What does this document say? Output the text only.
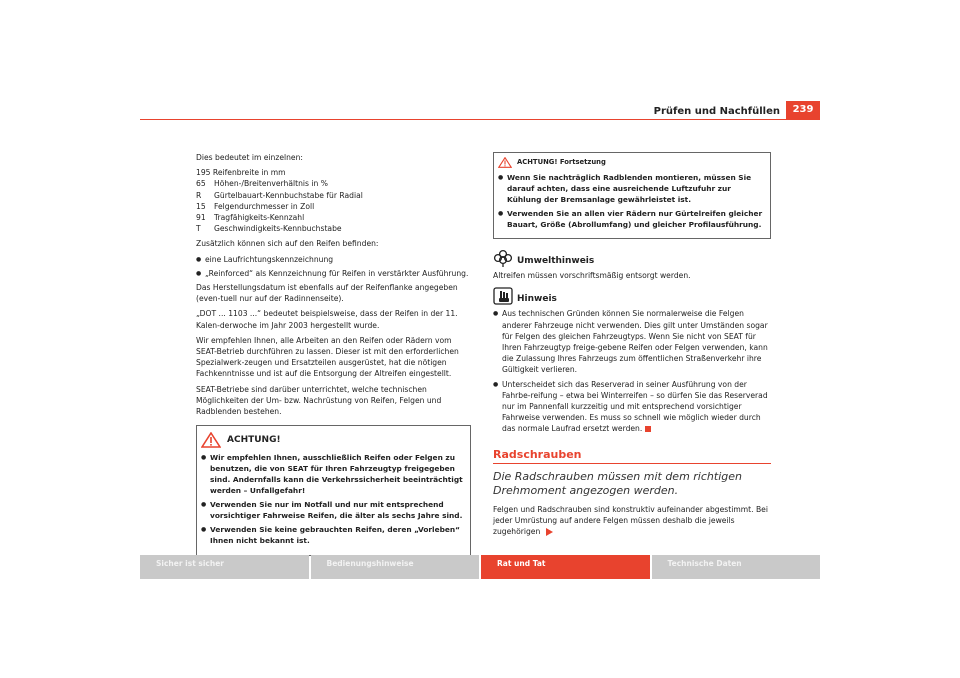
Prüfen und Nachfüllen	239

Dies bedeutet im einzelnen:

195 Reifenbreite in mm
65	Höhen-/Breitenverhältnis in %
R	Gürtelbauart-Kennbuchstabe für Radial
15	Felgendurchmesser in Zoll
91	Tragfähigkeits-Kennzahl
T	Geschwindigkeits-Kennbuchstabe

Zusätzlich können sich auf den Reifen befinden:

● eine Laufrichtungskennzeichnung
● „Reinforced“ als Kennzeichnung für Reifen in verstärkter Ausführung.

Das Herstellungsdatum ist ebenfalls auf der Reifenflanke angegeben (even-tuell nur auf der Radinnenseite).

„DOT ... 1103 ...“ bedeutet beispielsweise, dass der Reifen in der 11. Kalen-derwoche im Jahr 2003 hergestellt wurde.

Wir empfehlen Ihnen, alle Arbeiten an den Reifen oder Rädern vom SEAT-Betrieb durchführen zu lassen. Dieser ist mit den erforderlichen Spezialwerk-zeugen und Ersatzteilen ausgerüstet, hat die nötigen Fachkenntnisse und ist auf die Entsorgung der Altreifen eingestellt.

SEAT-Betriebe sind darüber unterrichtet, welche technischen Möglichkeiten der Um- bzw. Nachrüstung von Reifen, Felgen und Radblenden bestehen.

ACHTUNG!
● Wir empfehlen Ihnen, ausschließlich Reifen oder Felgen zu benutzen, die von SEAT für Ihren Fahrzeugtyp freigegeben sind. Andernfalls kann die Verkehrssicherheit beeinträchtigt werden – Unfallgefahr!
● Verwenden Sie nur im Notfall und nur mit entsprechend vorsichtiger Fahrweise Reifen, die älter als sechs Jahre sind.
● Verwenden Sie keine gebrauchten Reifen, deren „Vorleben“ Ihnen nicht bekannt ist.
ACHTUNG! Fortsetzung
● Wenn Sie nachträglich Radblenden montieren, müssen Sie darauf achten, dass eine ausreichende Luftzufuhr zur Kühlung der Bremsanlage gewährleistet ist.
● Verwenden Sie an allen vier Rädern nur Gürtelreifen gleicher Bauart, Größe (Abrollumfang) und gleicher Profilausführung.
Umwelthinweis

Altreifen müssen vorschriftsmäßig entsorgt werden.

Hinweis
● Aus technischen Gründen können Sie normalerweise die Felgen anderer Fahrzeuge nicht verwenden. Dies gilt unter Umständen sogar für Felgen des gleichen Fahrzeugtyps. Wenn Sie nicht von SEAT für Ihren Fahrzeugtyp freige-gebene Reifen oder Felgen verwenden, kann die Zulassung Ihres Fahrzeugs zum öffentlichen Straßenverkehr ihre Gültigkeit verlieren.
● Unterscheidet sich das Reserverad in seiner Ausführung von der Fahrbe-reifung – etwa bei Winterreifen – so dürfen Sie das Reserverad nur im Pannenfall kurzzeitig und mit entsprechend vorsichtiger Fahrweise verwenden. Es muss so schnell wie möglich wieder durch das normale Laufrad ersetzt werden.
Radschrauben
Die Radschrauben müssen mit dem richtigen Drehmoment angezogen werden.

Felgen und Radschrauben sind konstruktiv aufeinander abgestimmt. Bei jeder Umrüstung auf andere Felgen müssen deshalb die jeweils zugehörigen

Sicher ist sicher	Bedienungshinweise	Rat und Tat	Technische Daten
